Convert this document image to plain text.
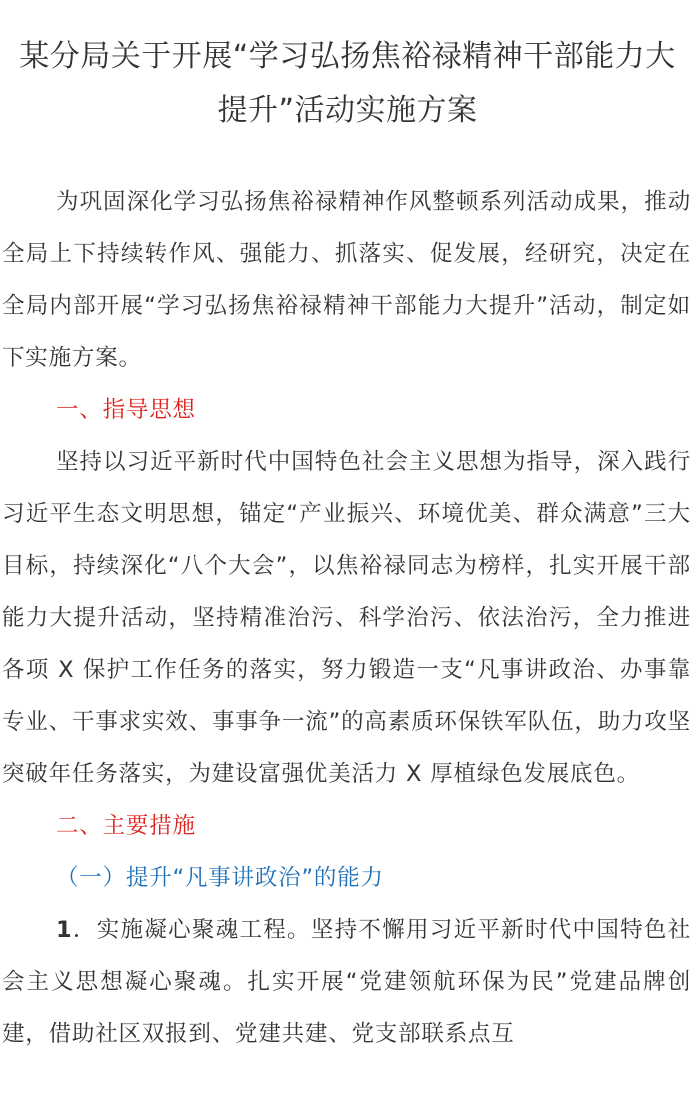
某分局关于开展“学习弘扬焦裕禄精神干部能力大提升”活动实施方案

为巩固深化学习弘扬焦裕禄精神作风整顿系列活动成果，推动全局上下持续转作风、强能力、抓落实、促发展，经研究，决定在全局内部开展“学习弘扬焦裕禄精神干部能力大提升”活动，制定如下实施方案。

一、指导思想

坚持以习近平新时代中国特色社会主义思想为指导，深入践行习近平生态文明思想，锚定“产业振兴、环境优美、群众满意”三大目标，持续深化“八个大会”，以焦裕禄同志为榜样，扎实开展干部能力大提升活动，坚持精准治污、科学治污、依法治污，全力推进各项 X 保护工作任务的落实，努力锻造一支“凡事讲政治、办事靠专业、干事求实效、事事争一流”的高素质环保铁军队伍，助力攻坚突破年任务落实，为建设富强优美活力 X 厚植绿色发展底色。

二、主要措施

（一）提升“凡事讲政治”的能力

1．实施凝心聚魂工程。坚持不懈用习近平新时代中国特色社会主义思想凝心聚魂。扎实开展“党建领航环保为民”党建品牌创建，借助社区双报到、党建共建、党支部联系点互
